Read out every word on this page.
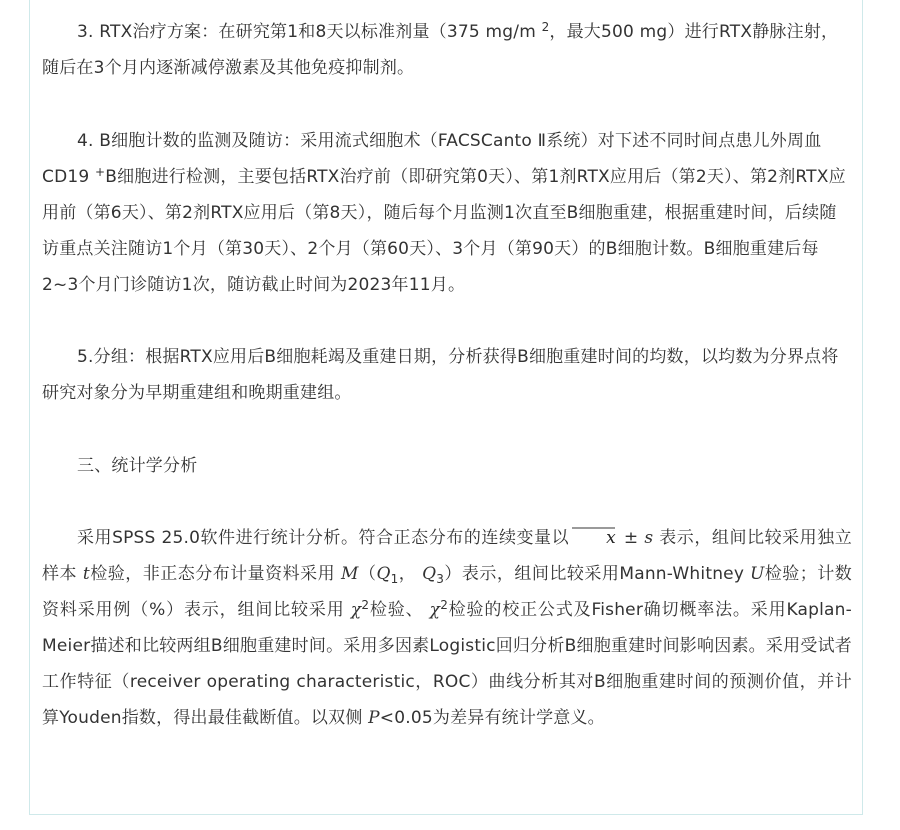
3. RTX治疗方案：在研究第1和8天以标准剂量（375 mg/m $^2$，最大500 mg）进行RTX静脉注射，随后在3个月内逐渐减停激素及其他免疫抑制剂。

4. B细胞计数的监测及随访：采用流式细胞术（FACSCanto Ⅱ系统）对下述不同时间点患儿外周血CD19 +B细胞进行检测，主要包括RTX治疗前（即研究第0天）、第1剂RTX应用后（第2天）、第2剂RTX应用前（第6天）、第2剂RTX应用后（第8天），随后每个月监测1次直至B细胞重建，根据重建时间，后续随访重点关注随访1个月（第30天）、2个月（第60天）、3个月（第90天）的B细胞计数。B细胞重建后每2~3个月门诊随访1次，随访截止时间为2023年11月。

5.分组：根据RTX应用后B细胞耗竭及重建日期，分析获得B细胞重建时间的均数，以均数为分界点将研究对象分为早期重建组和晚期重建组。

三、统计学分析

采用SPSS 25.0软件进行统计分析。符合正态分布的连续变量以 x ± s 表示，组间比较采用独立样本 t检验，非正态分布计量资料采用 $M(Q_1$， $Q_3$）表示，组间比较采用Mann-Whitney U检验；计数资料采用例（%）表示，组间比较采用 $\chi^2$检验、 $\chi^2$检验的校正公式及Fisher确切概率法。采用Kaplan-Meier描述和比较两组B细胞重建时间。采用多因素Logistic回归分析B细胞重建时间影响因素。采用受试者工作特征（receiver operating characteristic，ROC）曲线分析其对B细胞重建时间的预测价值，并计算Youden指数，得出最佳截断值。以双侧 P<0.05为差异有统计学意义。
